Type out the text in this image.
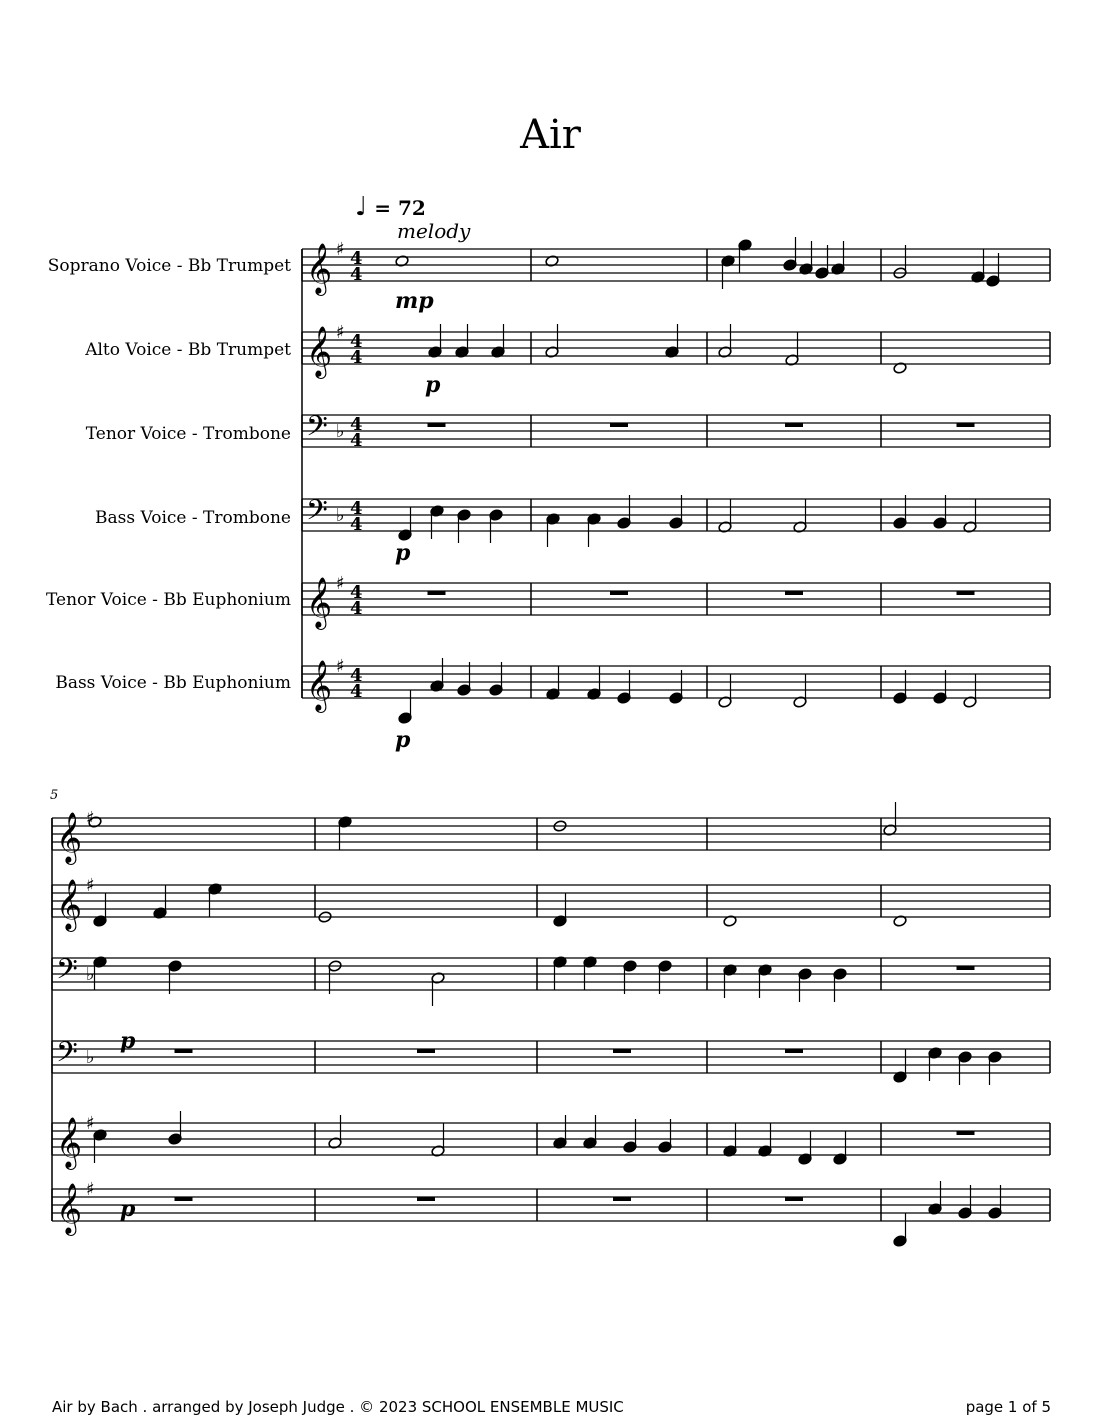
Air
♩ = 72
melody
Soprano Voice - Bb Trumpet
Alto Voice - Bb Trumpet
Tenor Voice - Trombone
Bass Voice - Trombone
Tenor Voice - Bb Euphonium
Bass Voice - Bb Euphonium
5
𝄞 ♯ 4
4
𝄞 ♯ 4
4
𝄢 ♭ 4
4
𝄢 ♭ 4
4
𝄞 ♯ 4
4
𝄞 ♯ 4
4
𝄞 ♯
𝄞 ♯
𝄢 ♭
𝄢 ♭
𝄞 ♯
𝄞 ♯
mp
p
p
p
p
p
Air by Bach . arranged by Joseph Judge . © 2023 SCHOOL ENSEMBLE MUSIC	page 1 of 5
